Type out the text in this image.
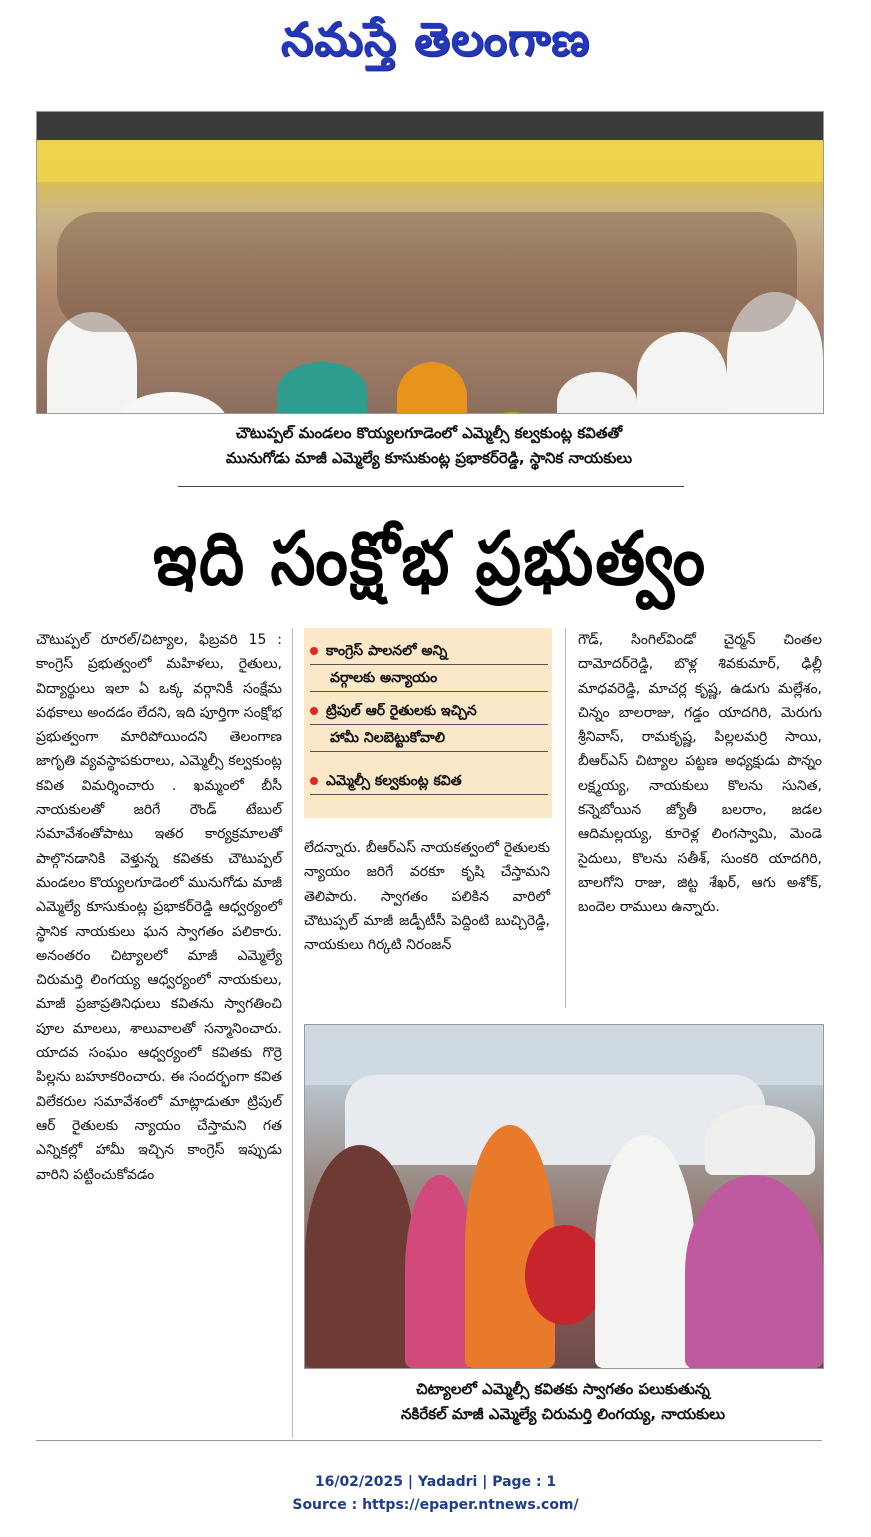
నమస్తే తెలంగాణ
చౌటుప్పల్ మండలం కొయ్యలగూడెంలో ఎమ్మెల్సీ కల్వకుంట్ల కవితతో
మునుగోడు మాజీ ఎమ్మెల్యే కూసుకుంట్ల ప్రభాకర్‌రెడ్డి, స్థానిక నాయకులు
ఇది సంక్షోభ ప్రభుత్వం

చౌటుప్పల్ రూరల్/చిట్యాల, ఫిబ్రవరి 15 : కాంగ్రెస్ ప్రభుత్వంలో మహిళలు, రైతులు, విద్యార్థులు ఇలా ఏ ఒక్క వర్గానికీ సంక్షేమ పథకాలు అందడం లేదని, ఇది పూర్తిగా సంక్షోభ ప్రభుత్వంగా మారిపోయిందని తెలంగాణ జాగృతి వ్యవస్థాపకురాలు, ఎమ్మెల్సీ కల్వకుంట్ల కవిత విమర్శించారు . ఖమ్మంలో బీసీ నాయకులతో జరిగే రౌండ్ టేబుల్ సమావేశంతోపాటు ఇతర కార్యక్రమాలతో పాల్గొనడానికి వెళ్తున్న కవితకు చౌటుప్పల్ మండలం కొయ్యలగూడెంలో మునుగోడు మాజీ ఎమ్మెల్యే కూసుకుంట్ల ప్రభాకర్‌రెడ్డి ఆధ్వర్యంలో స్థానిక నాయకులు ఘన స్వాగతం పలికారు. అనంతరం చిట్యాలలో మాజీ ఎమ్మెల్యే చిరుమర్తి లింగయ్య ఆధ్వర్యంలో నాయకులు, మాజీ ప్రజాప్రతినిధులు కవితను స్వాగతించి పూల మాలలు, శాలువాలతో సన్మానించారు. యాదవ సంఘం ఆధ్వర్యంలో కవితకు గొర్రె పిల్లను బహూకరించారు. ఈ సందర్భంగా కవిత విలేకరుల సమావేశంలో మాట్లాడుతూ ట్రిపుల్ ఆర్ రైతులకు న్యాయం చేస్తామని గత ఎన్నికల్లో హామీ ఇచ్చిన కాంగ్రెస్ ఇప్పుడు వారిని పట్టించుకోవడం

కాంగ్రెస్ పాలనలో అన్ని
వర్గాలకు అన్యాయం
ట్రిపుల్ ఆర్ రైతులకు ఇచ్చిన
హామీ నిలబెట్టుకోవాలి
ఎమ్మెల్సీ కల్వకుంట్ల కవిత

లేదన్నారు. బీఆర్‌ఎస్ నాయకత్వంలో రైతులకు న్యాయం జరిగే వరకూ కృషి చేస్తామని తెలిపారు. స్వాగతం పలికిన వారిలో చౌటుప్పల్ మాజీ జడ్పీటీసీ పెద్దింటి బుచ్చిరెడ్డి, నాయకులు గిర్కటి నిరంజన్

గౌడ్, సింగిల్‌విండో చైర్మన్ చింతల దామోదర్‌రెడ్డి, బొళ్ల శివకుమార్, ఢిల్లీ మాధవరెడ్డి, మాచర్ల కృష్ణ, ఉడుగు మల్లేశం, చిన్నం బాలరాజు, గడ్డం యాదగిరి, మెరుగు శ్రీనివాస్, రామకృష్ణ, పిల్లలమర్రి సాయి, బీఆర్‌ఎస్ చిట్యాల పట్టణ అధ్యక్షుడు పొన్నం లక్ష్మయ్య, నాయకులు కొలను సునిత, కన్నెబోయిన జ్యోతీ బలరాం, జడల ఆదిమల్లయ్య, కూరెళ్ల లింగస్వామి, మెండె సైదులు, కొలను సతీశ్, సుంకరి యాదగిరి, బాలగోని రాజు, జిట్ట శేఖర్, ఆగు అశోక్, బందెల రాములు ఉన్నారు.

చిట్యాలలో ఎమ్మెల్సీ కవితకు స్వాగతం పలుకుతున్న
నకిరేకల్ మాజీ ఎమ్మెల్యే చిరుమర్తి లింగయ్య, నాయకులు
16/02/2025 | Yadadri | Page : 1
Source : https://epaper.ntnews.com/
